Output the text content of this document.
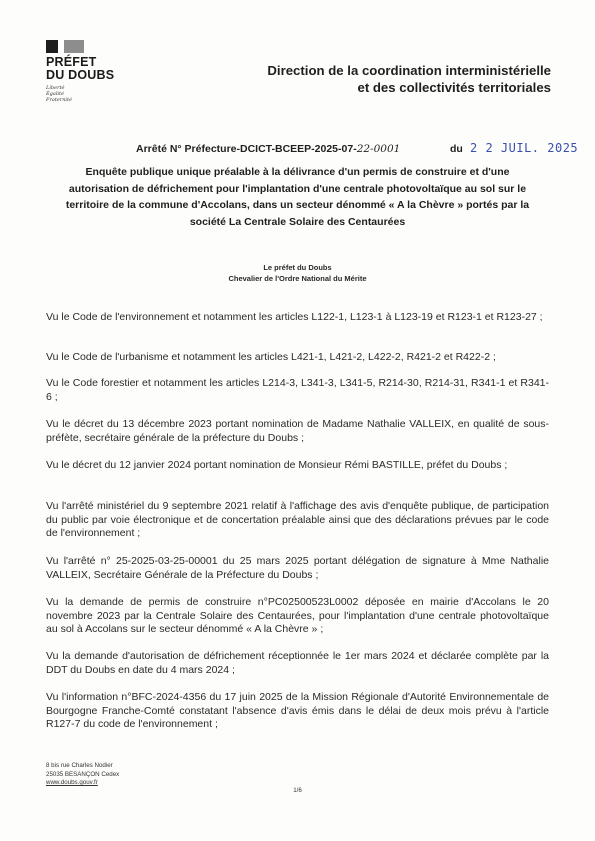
PRÉFET
DU DOUBS
Liberté
Égalité
Fraternité
Direction de la coordination interministérielle
et des collectivités territoriales
Arrêté N° Préfecture-DCICT-BCEEP-2025-07-22-0001	du 2 2 JUIL. 2025
Enquête publique unique préalable à la délivrance d'un permis de construire et d'une autorisation de défrichement pour l'implantation d'une centrale photovoltaïque au sol sur le territoire de la commune d'Accolans, dans un secteur dénommé « A la Chèvre » portés par la société La Centrale Solaire des Centaurées
Le préfet du Doubs
Chevalier de l'Ordre National du Mérite

Vu le Code de l'environnement et notamment les articles L122-1, L123-1 à L123-19 et R123-1 et R123-27 ;

Vu le Code de l'urbanisme et notamment les articles L421-1, L421-2, L422-2, R421-2 et R422-2 ;

Vu le Code forestier et notamment les articles L214-3, L341-3, L341-5, R214-30, R214-31, R341-1 et R341-6 ;

Vu le décret du 13 décembre 2023 portant nomination de Madame Nathalie VALLEIX, en qualité de sous-préfète, secrétaire générale de la préfecture du Doubs ;

Vu le décret du 12 janvier 2024 portant nomination de Monsieur Rémi BASTILLE, préfet du Doubs ;

Vu l'arrêté ministériel du 9 septembre 2021 relatif à l'affichage des avis d'enquête publique, de participation du public par voie électronique et de concertation préalable ainsi que des déclarations prévues par le code de l'environnement ;

Vu l'arrêté n° 25-2025-03-25-00001 du 25 mars 2025 portant délégation de signature à Mme Nathalie VALLEIX, Secrétaire Générale de la Préfecture du Doubs ;

Vu la demande de permis de construire n°PC02500523L0002 déposée en mairie d'Accolans le 20 novembre 2023 par la Centrale Solaire des Centaurées, pour l'implantation d'une centrale photovoltaïque au sol à Accolans sur le secteur dénommé « A la Chèvre » ;

Vu la demande d'autorisation de défrichement réceptionnée le 1er mars 2024 et déclarée complète par la DDT du Doubs en date du 4 mars 2024 ;

Vu l'information n°BFC-2024-4356 du 17 juin 2025 de la Mission Régionale d'Autorité Environnementale de Bourgogne Franche-Comté constatant l'absence d'avis émis dans le délai de deux mois prévu à l'article R127-7 du code de l'environnement ;

8 bis rue Charles Nodier
25035 BESANÇON Cedex
www.doubs.gouv.fr
1/6
